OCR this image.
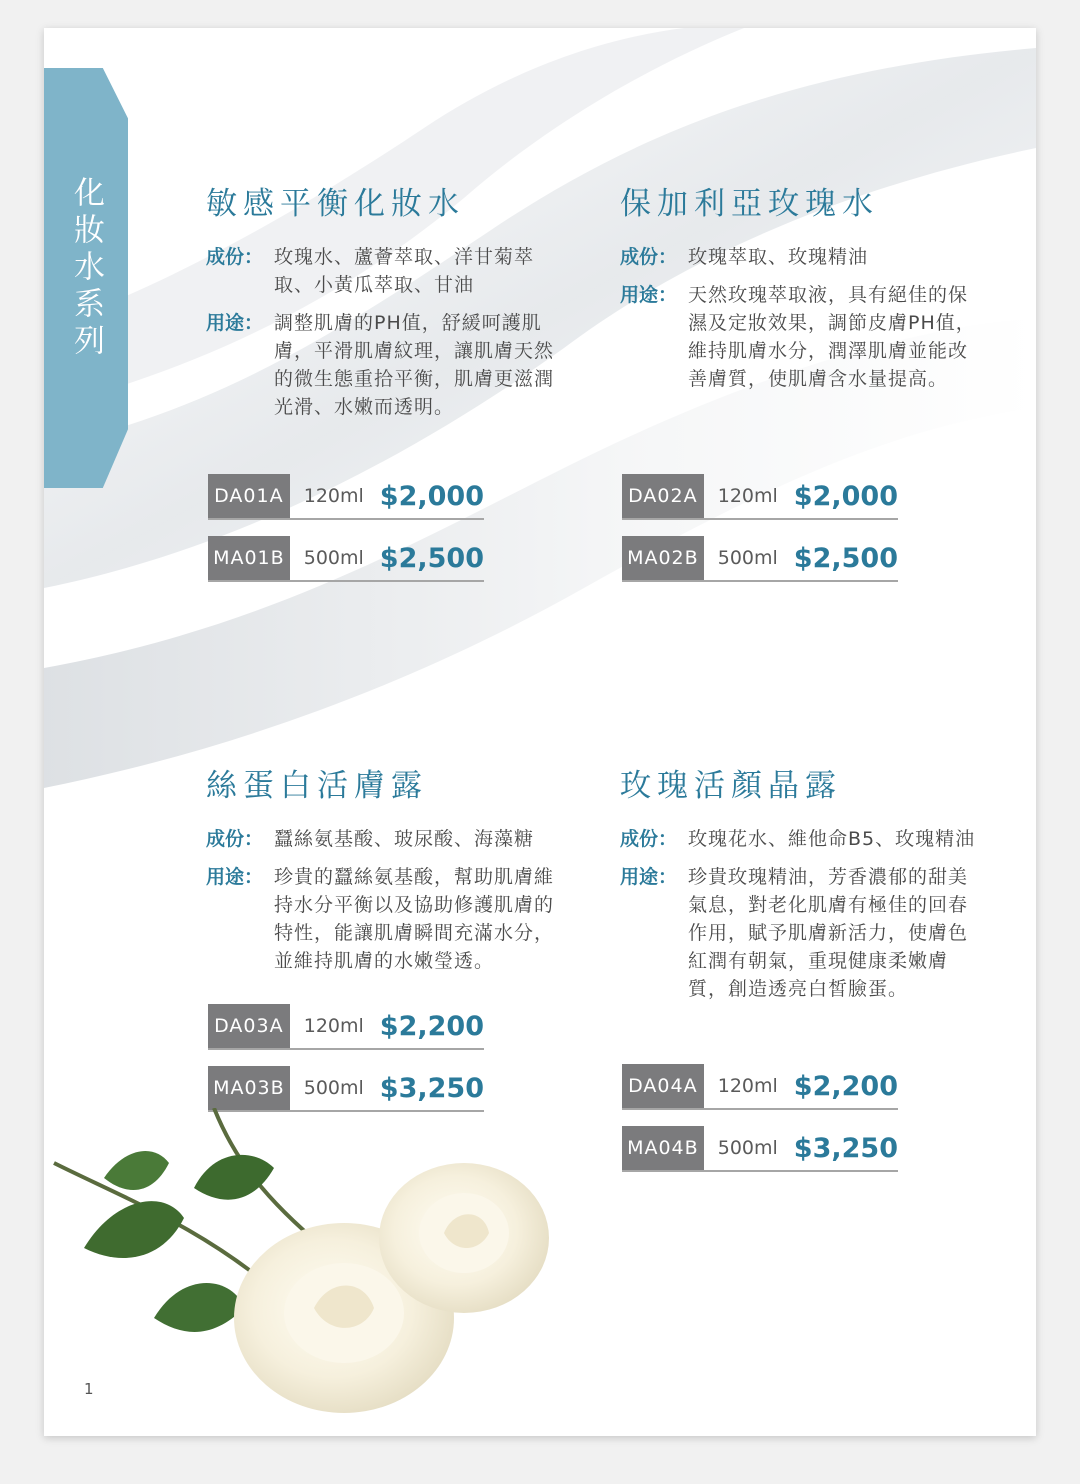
化妝水系列	敏感平衡化妝水
成份： 玫瑰水、蘆薈萃取、洋甘菊萃取、小黃瓜萃取、甘油
用途： 調整肌膚的PH值，舒緩呵護肌膚，平滑肌膚紋理，讓肌膚天然的微生態重拾平衡，肌膚更滋潤光滑、水嫩而透明。
DA01A	120ml $2,000
MA01B 500ml $2,500
保加利亞玫瑰水
成份： 玫瑰萃取、玫瑰精油
用途： 天然玫瑰萃取液，具有絕佳的保濕及定妝效果，調節皮膚PH值，維持肌膚水分，潤澤肌膚並能改善膚質，使肌膚含水量提高。
DA02A	120ml $2,000
MA02B 500ml $2,500
絲蛋白活膚露
成份： 蠶絲氨基酸、玻尿酸、海藻糖
用途： 珍貴的蠶絲氨基酸，幫助肌膚維持水分平衡以及協助修護肌膚的特性，能讓肌膚瞬間充滿水分，並維持肌膚的水嫩瑩透。
DA03A	120ml $2,200
MA03B 500ml $3,250
玫瑰活顏晶露
成份： 玫瑰花水、維他命B5、玫瑰精油
用途： 珍貴玫瑰精油，芳香濃郁的甜美氣息，對老化肌膚有極佳的回春作用，賦予肌膚新活力，使膚色紅潤有朝氣，重現健康柔嫩膚質，創造透亮白皙臉蛋。
DA04A	120ml $2,200
MA04B 500ml $3,250
1
